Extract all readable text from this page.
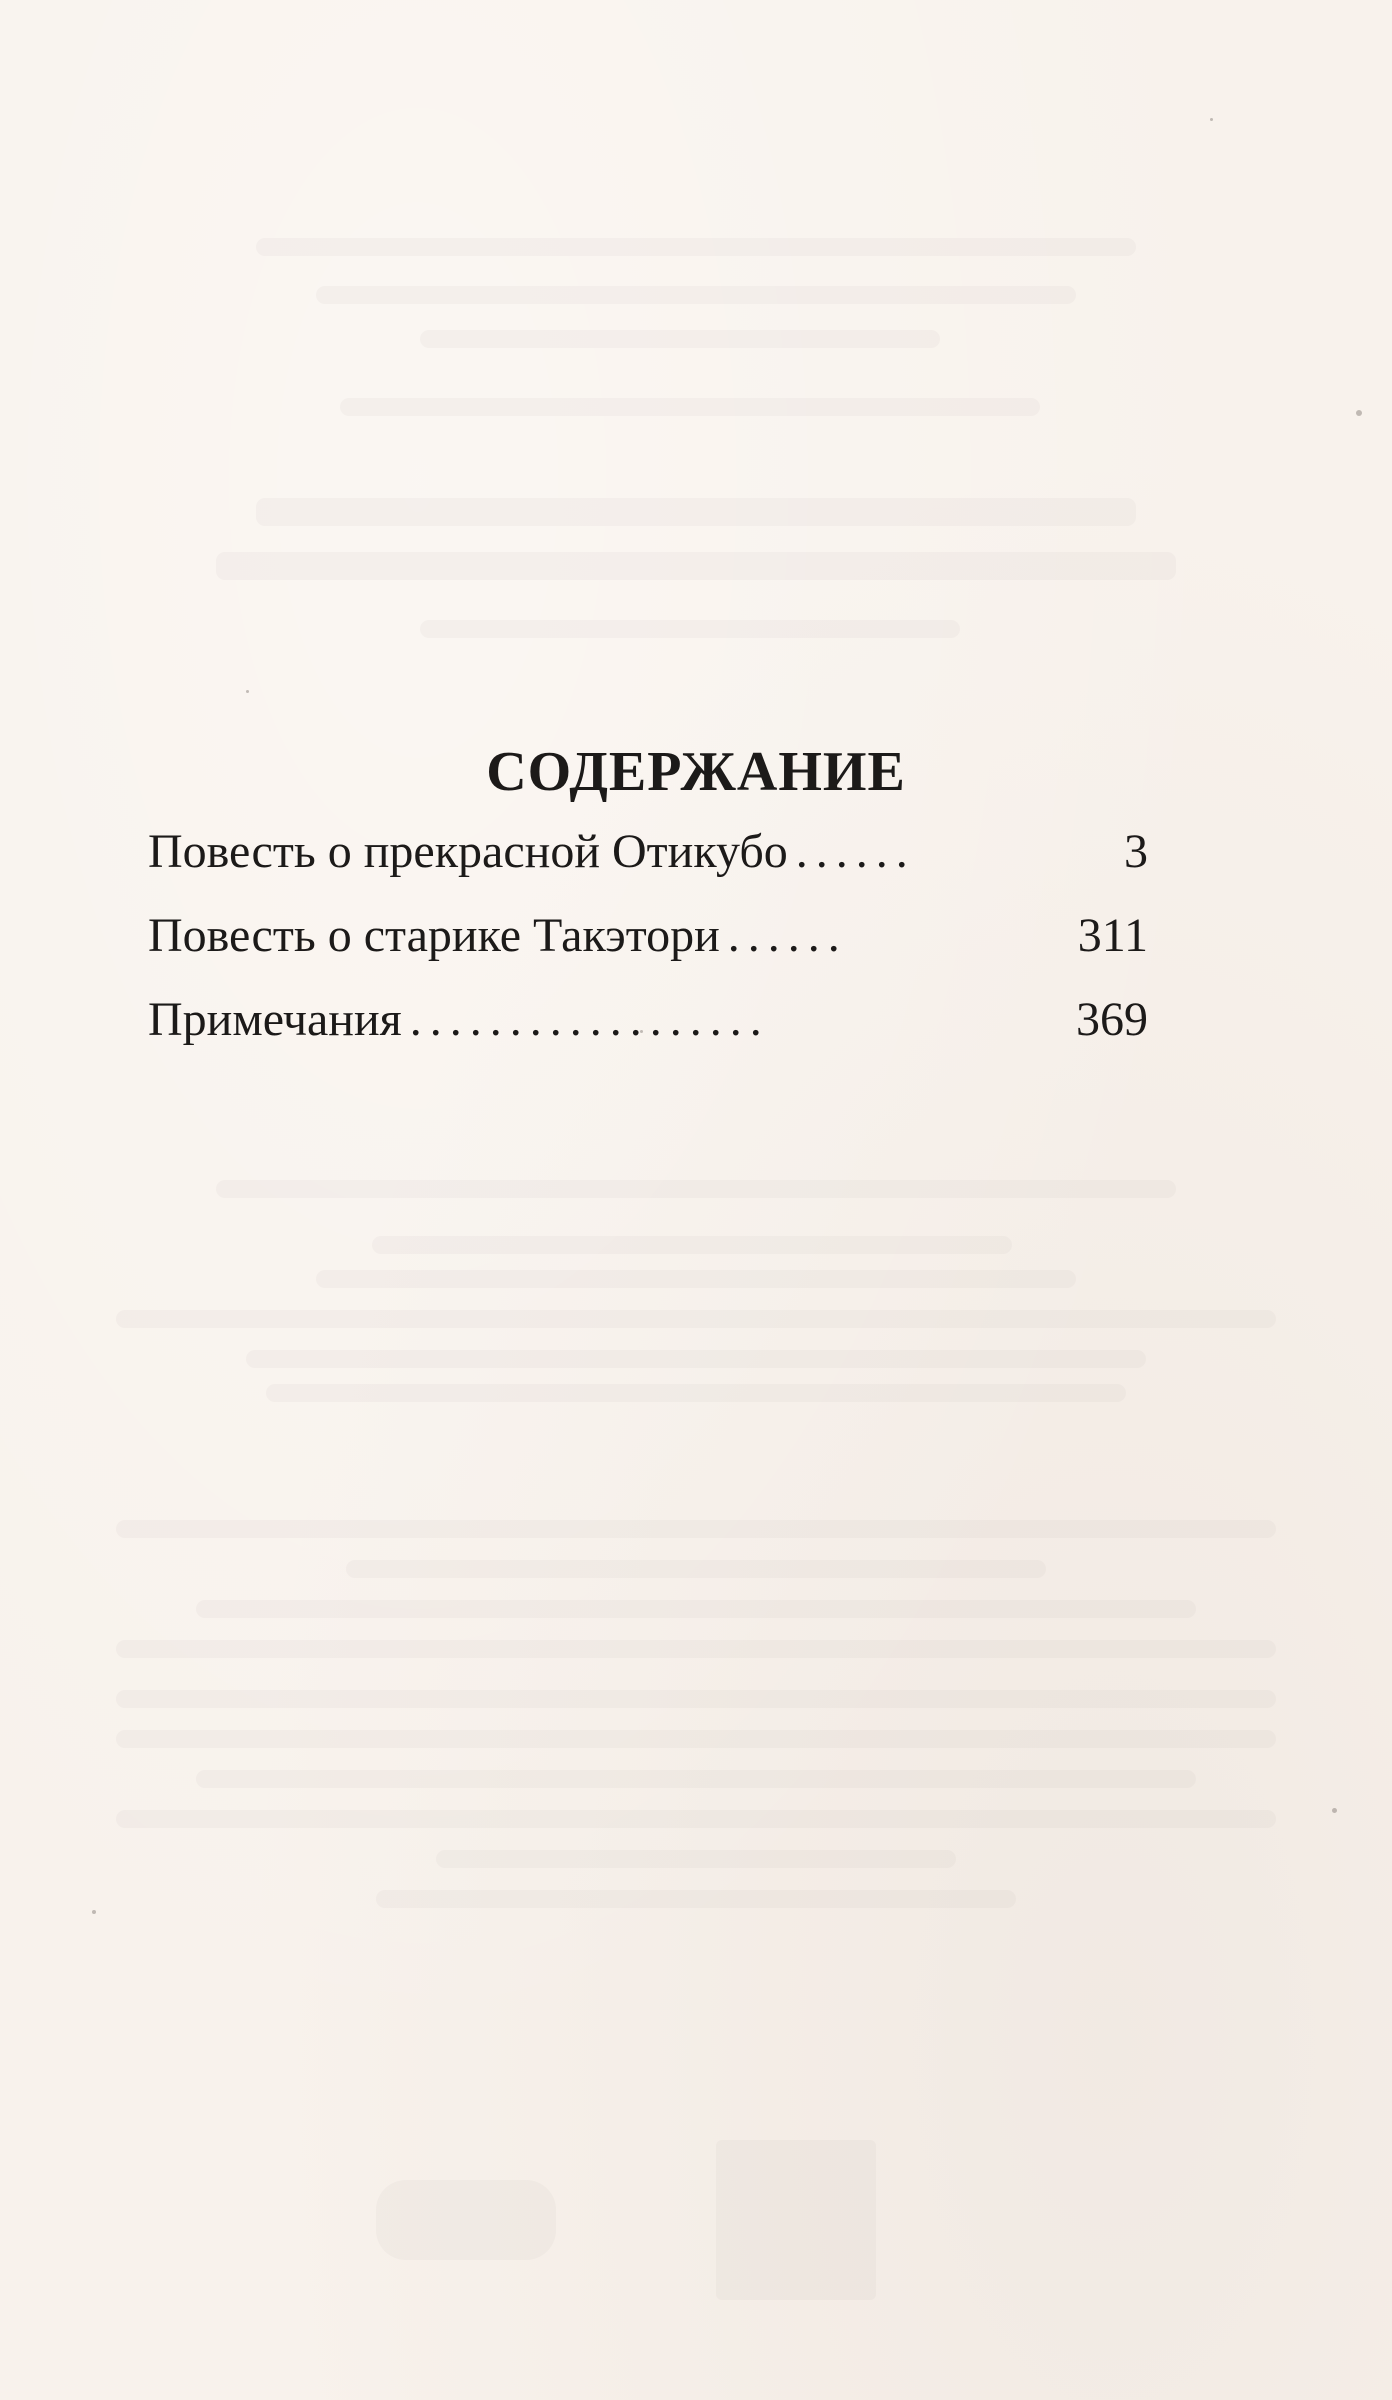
СОДЕРЖАНИЕ
Повесть о прекрасной Отикубо ......	3
Повесть о старике Такэтори ......	311
Примечания ..................	369
